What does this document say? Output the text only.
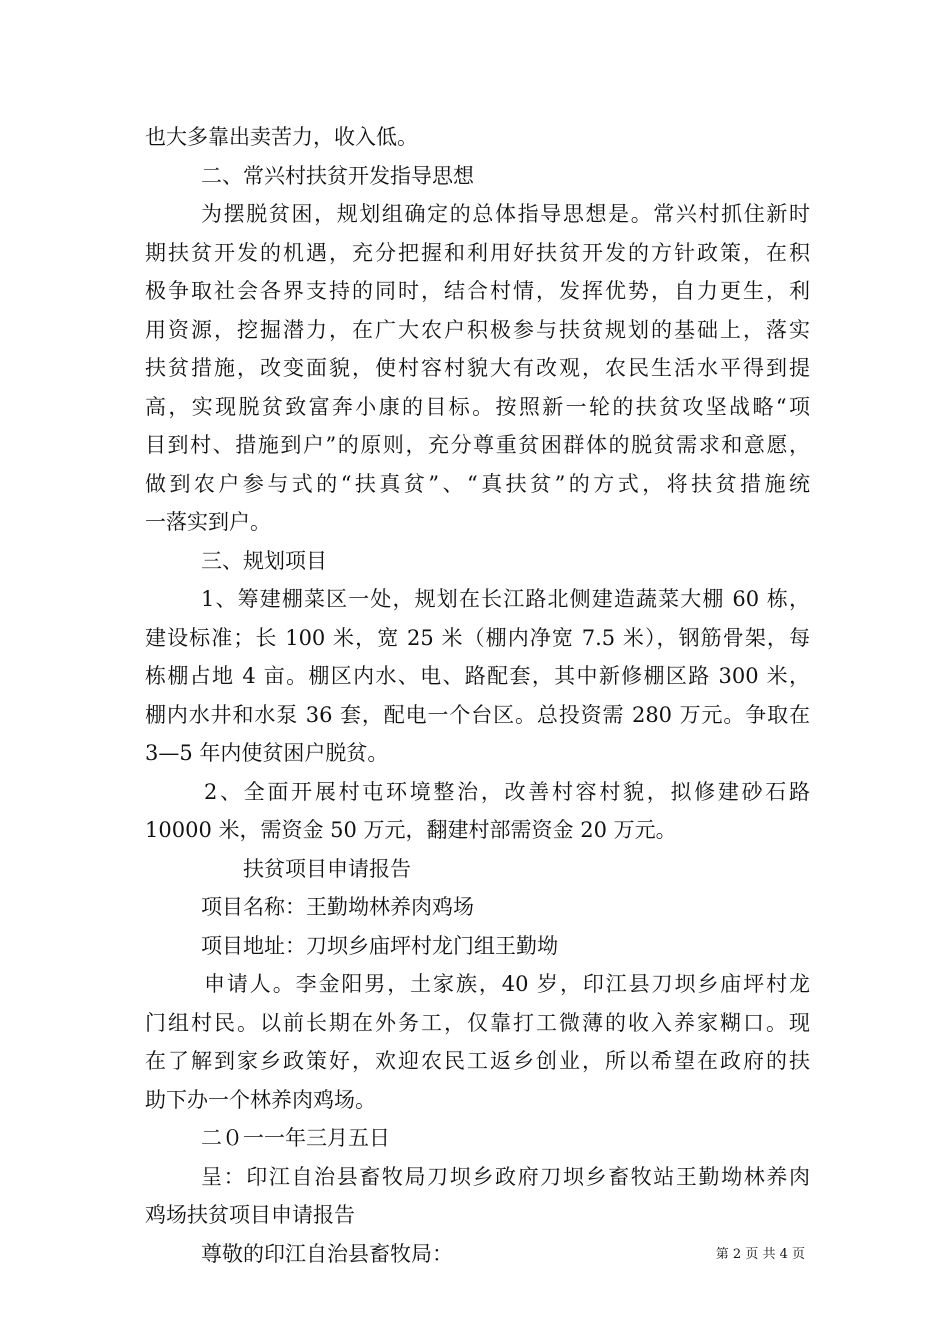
也大多靠出卖苦力，收入低。
二、常兴村扶贫开发指导思想
为摆脱贫困，规划组确定的总体指导思想是。常兴村抓住新时
期扶贫开发的机遇，充分把握和利用好扶贫开发的方针政策，在积
极争取社会各界支持的同时，结合村情，发挥优势，自力更生，利
用资源，挖掘潜力，在广大农户积极参与扶贫规划的基础上，落实
扶贫措施，改变面貌，使村容村貌大有改观，农民生活水平得到提
高，实现脱贫致富奔小康的目标。按照新一轮的扶贫攻坚战略“项
目到村、措施到户”的原则，充分尊重贫困群体的脱贫需求和意愿，
做到农户参与式的“扶真贫”、“真扶贫”的方式，将扶贫措施统
一落实到户。
三、规划项目
1、筹建棚菜区一处，规划在长江路北侧建造蔬菜大棚 60 栋，
建设标准；长 100 米，宽 25 米（棚内净宽 7.5 米），钢筋骨架，每
栋棚占地 4 亩。棚区内水、电、路配套，其中新修棚区路 300 米，
棚内水井和水泵 36 套，配电一个台区。总投资需 280 万元。争取在
3—5 年内使贫困户脱贫。
2、全面开展村屯环境整治，改善村容村貌，拟修建砂石路
10000 米，需资金 50 万元，翻建村部需资金 20 万元。
扶贫项目申请报告
项目名称：王勤坳林养肉鸡场
项目地址：刀坝乡庙坪村龙门组王勤坳
申请人。李金阳男，土家族，40 岁，印江县刀坝乡庙坪村龙
门组村民。以前长期在外务工，仅靠打工微薄的收入养家糊口。现
在了解到家乡政策好，欢迎农民工返乡创业，所以希望在政府的扶
助下办一个林养肉鸡场。
二０一一年三月五日
呈：印江自治县畜牧局刀坝乡政府刀坝乡畜牧站王勤坳林养肉
鸡场扶贫项目申请报告
尊敬的印江自治县畜牧局：	第 2 页 共 4 页
